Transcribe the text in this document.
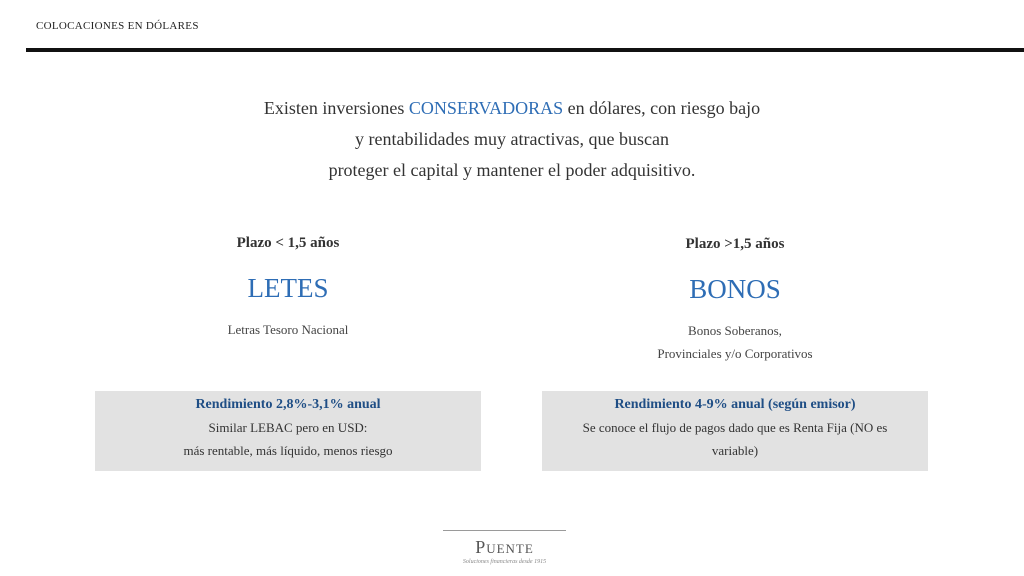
COLOCACIONES EN DÓLARES
Existen inversiones CONSERVADORAS en dólares, con riesgo bajo
y rentabilidades muy atractivas, que buscan
proteger el capital y mantener el poder adquisitivo.
Plazo < 1,5 años
LETES
Letras Tesoro Nacional
Plazo >1,5 años
BONOS
Bonos Soberanos,
Provinciales y/o Corporativos
Rendimiento 2,8%-3,1% anual
Similar LEBAC pero en USD:
más rentable, más líquido, menos riesgo
Rendimiento 4-9% anual (según emisor)
Se conoce el flujo de pagos dado que es Renta Fija (NO es
variable)
Puente
Soluciones financieras desde 1915
